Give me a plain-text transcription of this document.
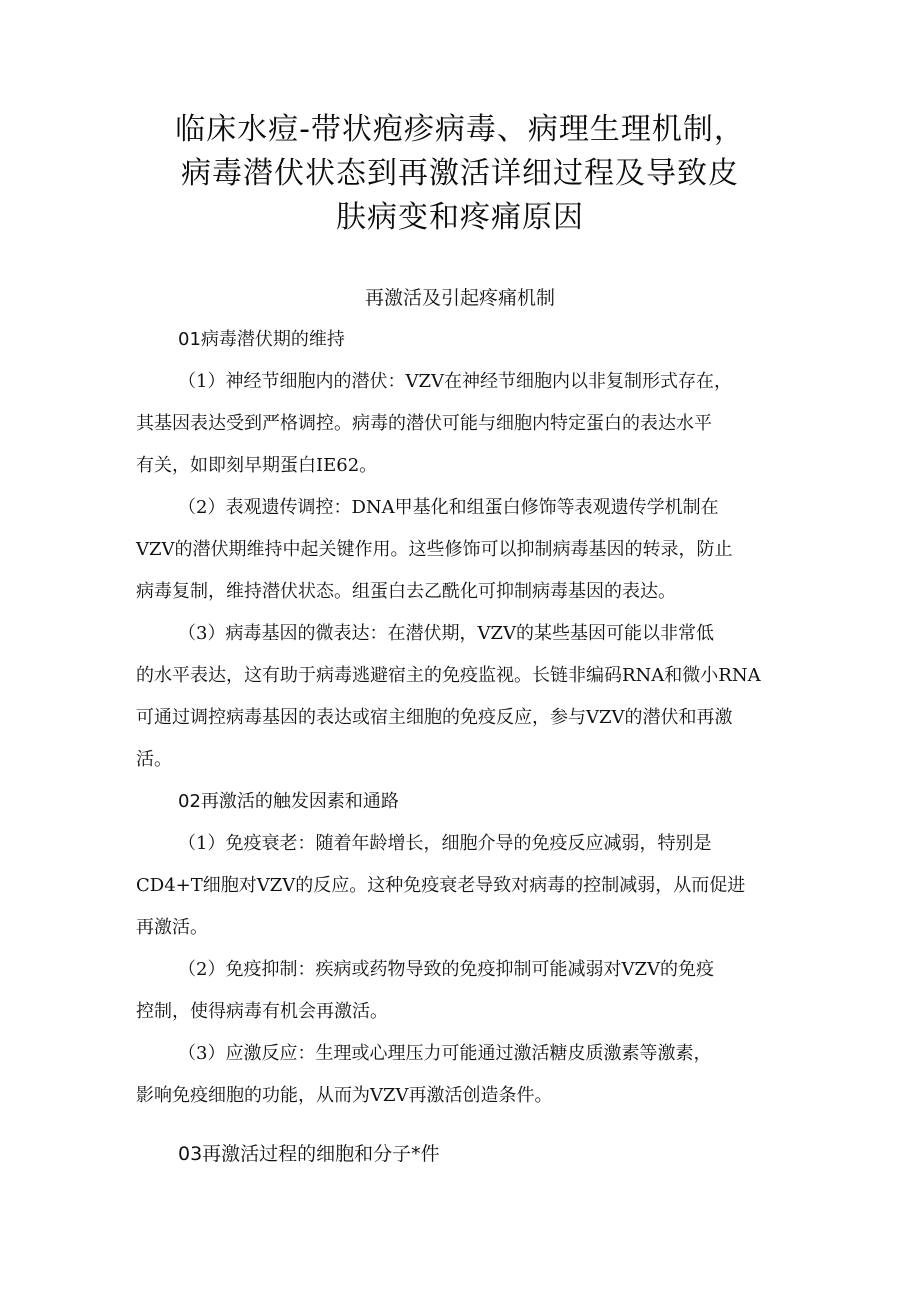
临床水痘-带状疱疹病毒、病理生理机制，
病毒潜伏状态到再激活详细过程及导致皮
肤病变和疼痛原因
再激活及引起疼痛机制
01病毒潜伏期的维持
（1）神经节细胞内的潜伏：VZV在神经节细胞内以非复制形式存在，
其基因表达受到严格调控。病毒的潜伏可能与细胞内特定蛋白的表达水平
有关，如即刻早期蛋白IE62。
（2）表观遗传调控：DNA甲基化和组蛋白修饰等表观遗传学机制在
VZV的潜伏期维持中起关键作用。这些修饰可以抑制病毒基因的转录，防止
病毒复制，维持潜伏状态。组蛋白去乙酰化可抑制病毒基因的表达。
（3）病毒基因的微表达：在潜伏期，VZV的某些基因可能以非常低
的水平表达，这有助于病毒逃避宿主的免疫监视。长链非编码RNA和微小RNA
可通过调控病毒基因的表达或宿主细胞的免疫反应，参与VZV的潜伏和再激
活。
02再激活的触发因素和通路
（1）免疫衰老：随着年龄增长，细胞介导的免疫反应减弱，特别是
CD4+T细胞对VZV的反应。这种免疫衰老导致对病毒的控制减弱，从而促进
再激活。
（2）免疫抑制：疾病或药物导致的免疫抑制可能减弱对VZV的免疫
控制，使得病毒有机会再激活。
（3）应激反应：生理或心理压力可能通过激活糖皮质激素等激素，
影响免疫细胞的功能，从而为VZV再激活创造条件。
03再激活过程的细胞和分子*件
